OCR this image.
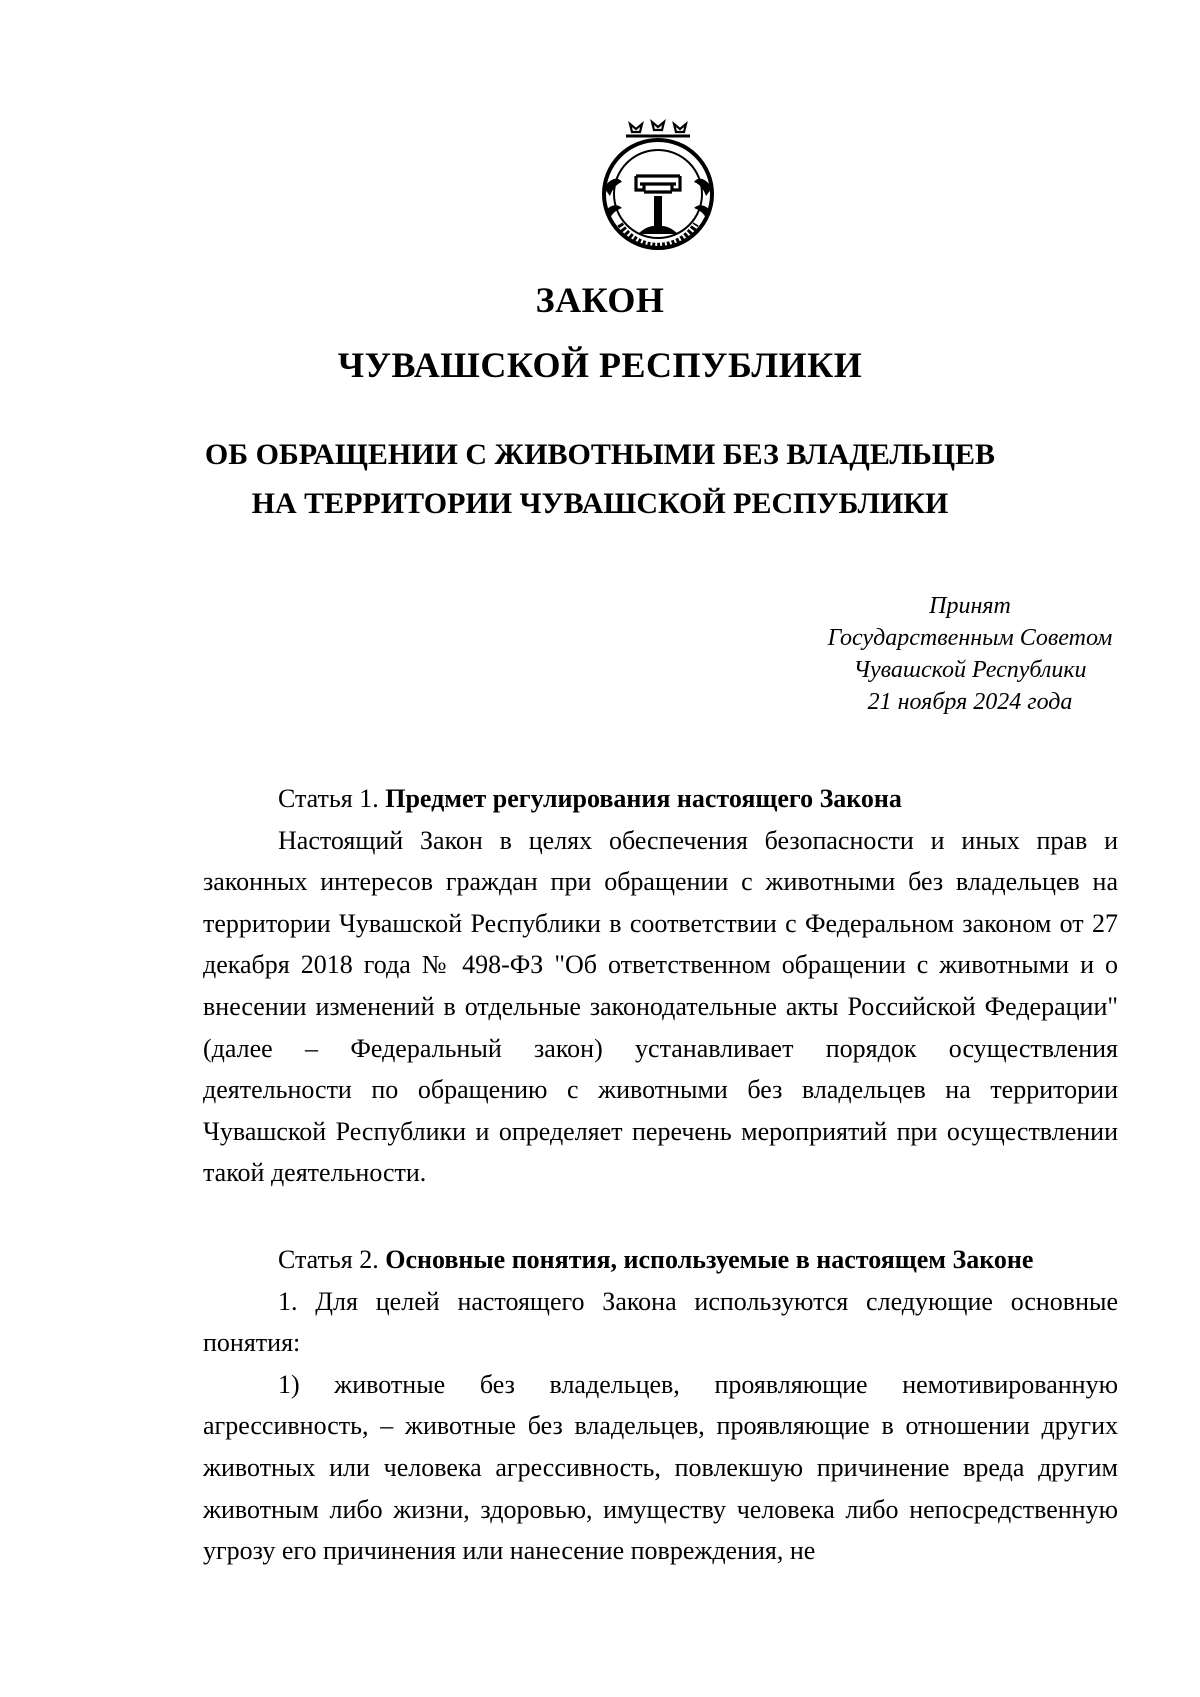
ЗАКОН
ЧУВАШСКОЙ РЕСПУБЛИКИ
ОБ ОБРАЩЕНИИ С ЖИВОТНЫМИ БЕЗ ВЛАДЕЛЬЦЕВ
НА ТЕРРИТОРИИ ЧУВАШСКОЙ РЕСПУБЛИКИ
Принят
Государственным Советом
Чувашской Республики
21 ноября 2024 года

Статья 1. Предмет регулирования настоящего Закона

Настоящий Закон в целях обеспечения безопасности и иных прав и законных интересов граждан при обращении с животными без владельцев на территории Чувашской Республики в соответствии с Федеральном законом от 27 декабря 2018 года № 498-ФЗ "Об ответственном обращении с животными и о внесении изменений в отдельные законодательные акты Российской Федерации" (далее – Федеральный закон) устанавливает порядок осуществления деятельности по обращению с животными без владельцев на территории Чувашской Республики и определяет перечень мероприятий при осуществлении такой деятельности.

Статья 2. Основные понятия, используемые в настоящем Законе

1. Для целей настоящего Закона используются следующие основные понятия:

1) животные без владельцев, проявляющие немотивированную агрессивность, – животные без владельцев, проявляющие в отношении других животных или человека агрессивность, повлекшую причинение вреда другим животным либо жизни, здоровью, имуществу человека либо непосредственную угрозу его причинения или нанесение повреждения, не
